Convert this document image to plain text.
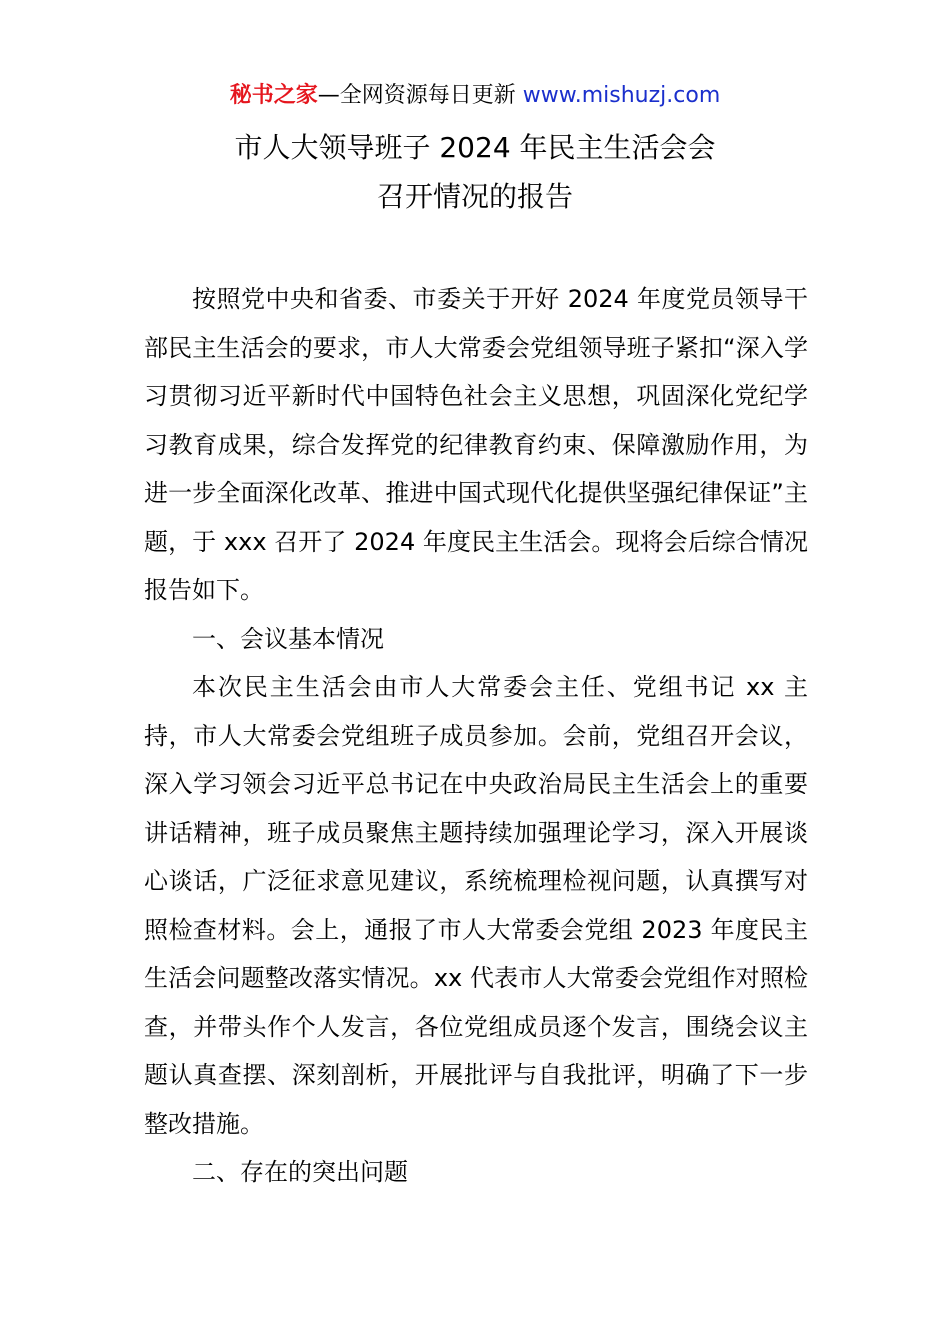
秘书之家—全网资源每日更新 www.mishuzj.com
市人大领导班子 2024 年民主生活会会
召开情况的报告

按照党中央和省委、市委关于开好 2024 年度党员领导干部民主生活会的要求，市人大常委会党组领导班子紧扣“深入学习贯彻习近平新时代中国特色社会主义思想，巩固深化党纪学习教育成果，综合发挥党的纪律教育约束、保障激励作用，为进一步全面深化改革、推进中国式现代化提供坚强纪律保证”主题，于 xxx 召开了 2024 年度民主生活会。现将会后综合情况报告如下。

一、会议基本情况

本次民主生活会由市人大常委会主任、党组书记 xx 主持，市人大常委会党组班子成员参加。会前，党组召开会议，深入学习领会习近平总书记在中央政治局民主生活会上的重要讲话精神，班子成员聚焦主题持续加强理论学习，深入开展谈心谈话，广泛征求意见建议，系统梳理检视问题，认真撰写对照检查材料。会上，通报了市人大常委会党组 2023 年度民主生活会问题整改落实情况。xx 代表市人大常委会党组作对照检查，并带头作个人发言，各位党组成员逐个发言，围绕会议主题认真查摆、深刻剖析，开展批评与自我批评，明确了下一步整改措施。

二、存在的突出问题
